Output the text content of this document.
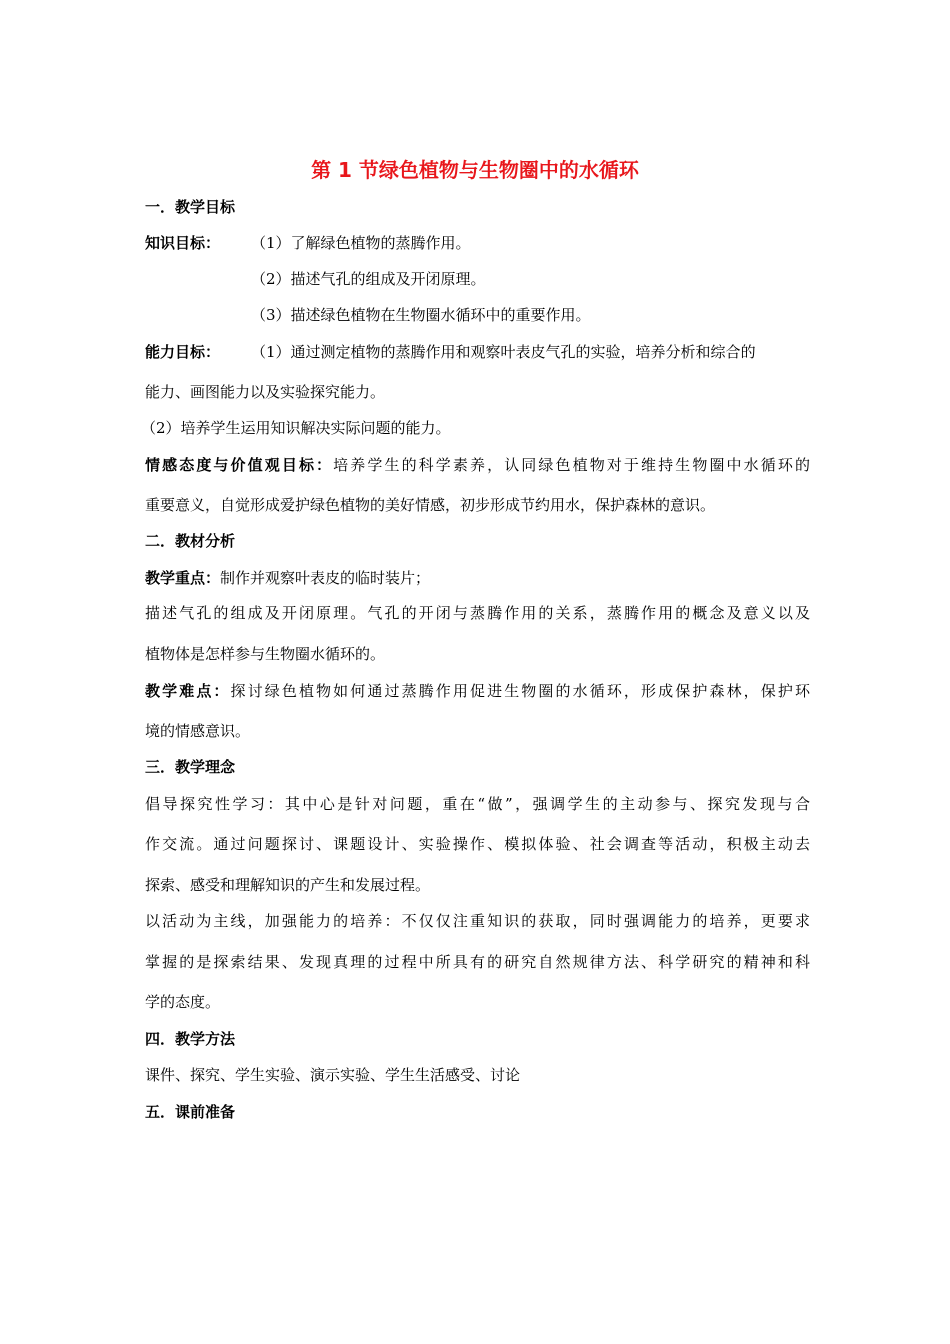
第 1 节绿色植物与生物圈中的水循环
一．教学目标
知识目标： （1）了解绿色植物的蒸腾作用。
（2）描述气孔的组成及开闭原理。
（3）描述绿色植物在生物圈水循环中的重要作用。
能力目标： （1）通过测定植物的蒸腾作用和观察叶表皮气孔的实验，培养分析和综合的
能力、画图能力以及实验探究能力。
（2）培养学生运用知识解决实际问题的能力。
情感态度与价值观目标：培养学生的科学素养，认同绿色植物对于维持生物圈中水循环的
重要意义，自觉形成爱护绿色植物的美好情感，初步形成节约用水，保护森林的意识。
二．教材分析
教学重点：制作并观察叶表皮的临时装片；
描述气孔的组成及开闭原理。气孔的开闭与蒸腾作用的关系，蒸腾作用的概念及意义以及
植物体是怎样参与生物圈水循环的。
教学难点：探讨绿色植物如何通过蒸腾作用促进生物圈的水循环，形成保护森林，保护环
境的情感意识。
三．教学理念
倡导探究性学习：其中心是针对问题，重在“做”，强调学生的主动参与、探究发现与合
作交流。通过问题探讨、课题设计、实验操作、模拟体验、社会调查等活动，积极主动去
探索、感受和理解知识的产生和发展过程。
以活动为主线，加强能力的培养：不仅仅注重知识的获取，同时强调能力的培养，更要求
掌握的是探索结果、发现真理的过程中所具有的研究自然规律方法、科学研究的精神和科
学的态度。
四．教学方法
课件、探究、学生实验、演示实验、学生生活感受、讨论
五．课前准备
